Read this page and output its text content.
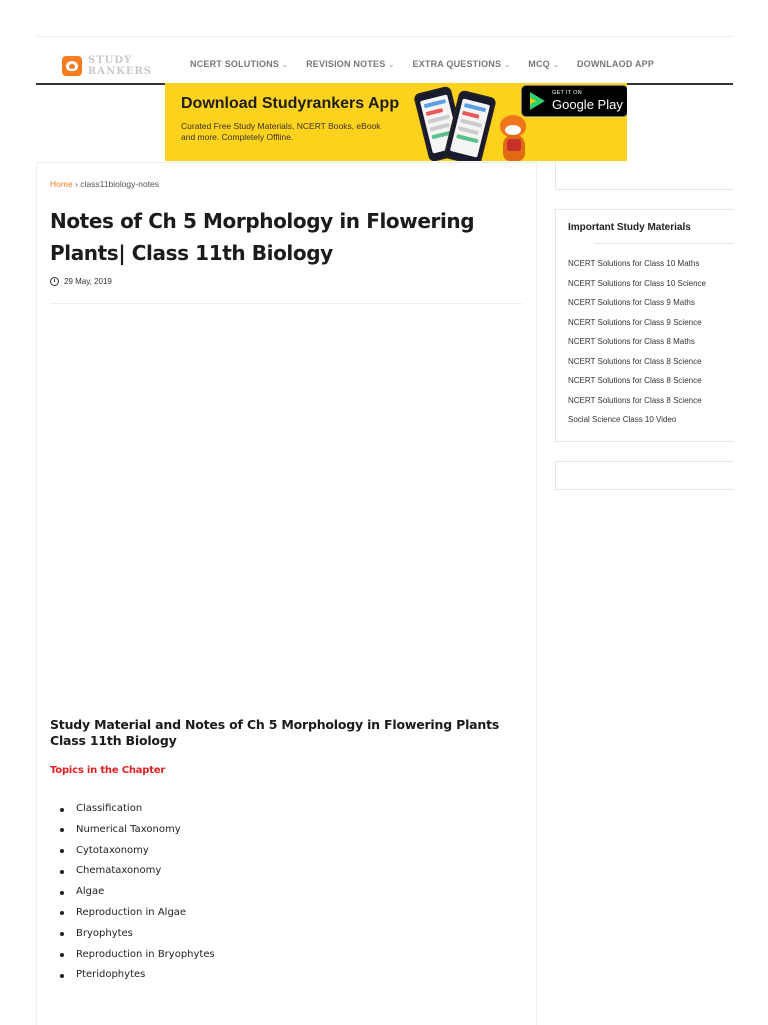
STUDY RANKERS
NCERT SOLUTIONS ⌄ REVISION NOTES ⌄ EXTRA QUESTIONS ⌄ MCQ ⌄ DOWNLAOD APP
Download Studyrankers App
Curated Free Study Materials, NCERT Books, eBook and more. Completely Offline.
GET IT ON
Google Play
Home › class11biology-notes
Notes of Ch 5 Morphology in Flowering Plants| Class 11th Biology
29 May, 2019
Study Material and Notes of Ch 5 Morphology in Flowering Plants Class 11th Biology
Topics in the Chapter
Classification
Numerical Taxonomy
Cytotaxonomy
Chemataxonomy
Algae
Reproduction in Algae
Bryophytes
Reproduction in Bryophytes
Pteridophytes
Important Study Materials
NCERT Solutions for Class 10 Maths
NCERT Solutions for Class 10 Science
NCERT Solutions for Class 9 Maths
NCERT Solutions for Class 9 Science
NCERT Solutions for Class 8 Maths
NCERT Solutions for Class 8 Science
NCERT Solutions for Class 8 Science
NCERT Solutions for Class 8 Science
Social Science Class 10 Video
